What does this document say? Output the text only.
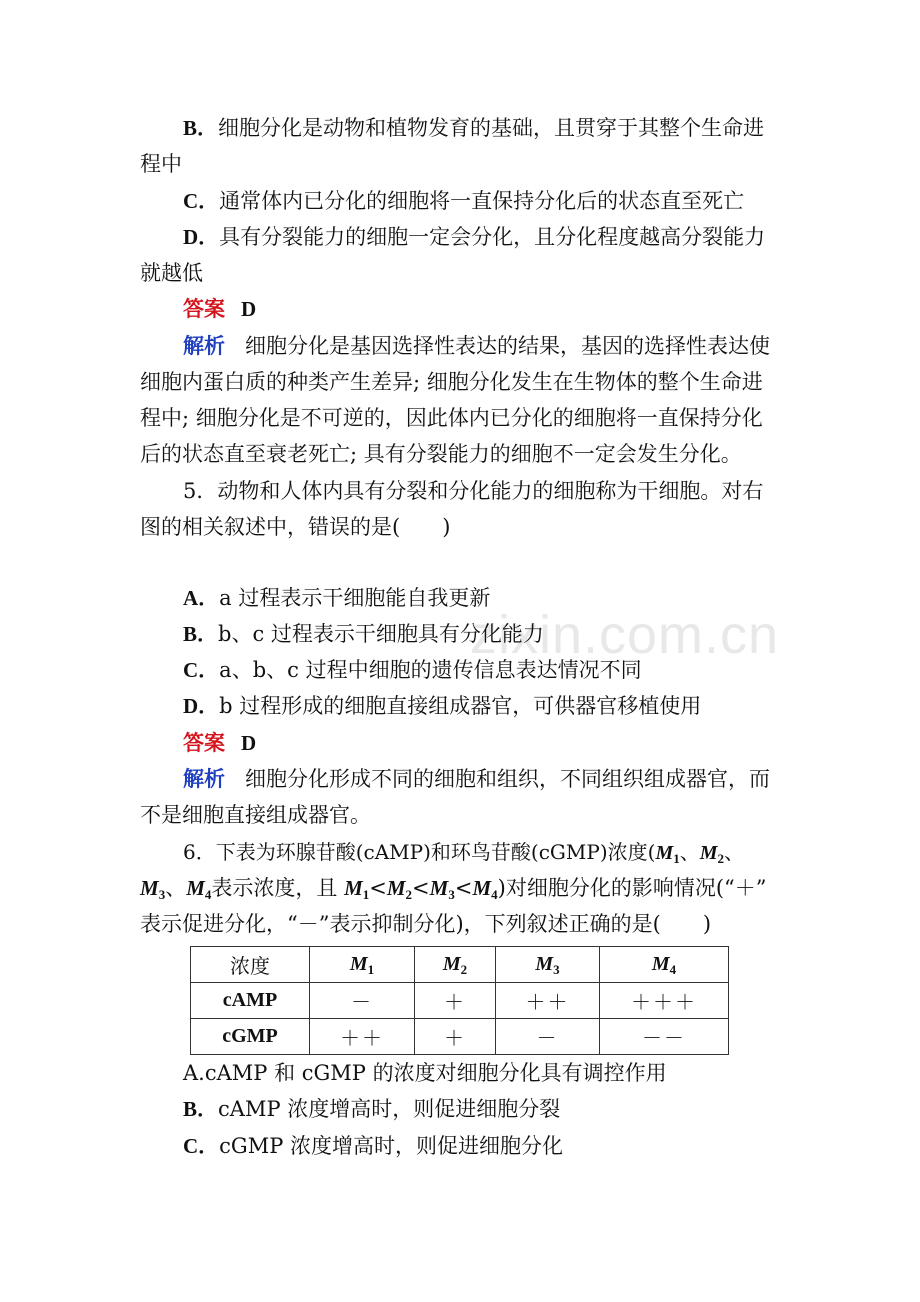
zixin.com.cn
B．细胞分化是动物和植物发育的基础，且贯穿于其整个生命进
程中
C．通常体内已分化的细胞将一直保持分化后的状态直至死亡
D．具有分裂能力的细胞一定会分化，且分化程度越高分裂能力
就越低
答案 D
解析 细胞分化是基因选择性表达的结果，基因的选择性表达使
细胞内蛋白质的种类产生差异; 细胞分化发生在生物体的整个生命进
程中; 细胞分化是不可逆的，因此体内已分化的细胞将一直保持分化
后的状态直至衰老死亡; 具有分裂能力的细胞不一定会发生分化。
5．动物和人体内具有分裂和分化能力的细胞称为干细胞。对右
图的相关叙述中，错误的是(　　)
A．a 过程表示干细胞能自我更新
B．b、c 过程表示干细胞具有分化能力
C．a、b、c 过程中细胞的遗传信息表达情况不同
D．b 过程形成的细胞直接组成器官，可供器官移植使用
答案 D
解析 细胞分化形成不同的细胞和组织，不同组织组成器官，而
不是细胞直接组成器官。
6．下表为环腺苷酸(cAMP)和环鸟苷酸(cGMP)浓度($M_1$、$M_2$、
$M_3$、$M_4$表示浓度，且 $M_1<M_2<M_3<M_4$)对细胞分化的影响情况(“＋”
表示促进分化，“－”表示抑制分化)，下列叙述正确的是(　　)
浓度	$M_1$	$M_2$	$M_3$	$M_4$
cAMP	－	＋	＋＋	＋＋＋
cGMP	＋＋	＋	－	－－
A.cAMP 和 cGMP 的浓度对细胞分化具有调控作用
B．cAMP 浓度增高时，则促进细胞分裂
C．cGMP 浓度增高时，则促进细胞分化
